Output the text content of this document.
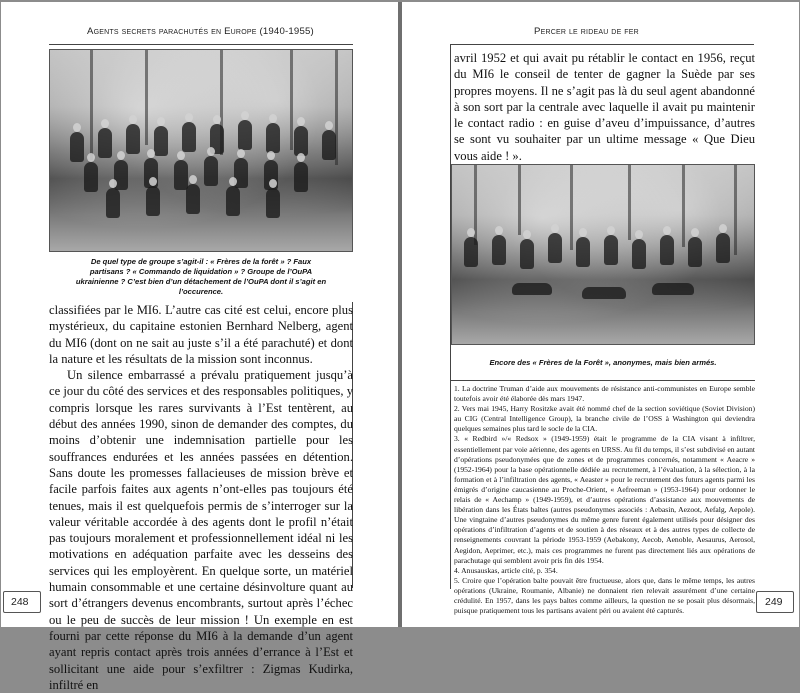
Agents secrets parachutés en Europe (1940-1955)
De quel type de groupe s’agit-il : « Frères de la forêt » ? Faux partisans ? « Commando de liquidation » ? Groupe de l’OuPA ukrainienne ? C’est bien d’un détachement de l’OuPA dont il s’agit en l’occurence.

classifiées par le MI6. L’autre cas cité est celui, encore plus mystérieux, du capitaine estonien Bernhard Nelberg, agent du MI6 (dont on ne sait au juste s’il a été parachuté) et dont la nature et les résultats de la mission sont inconnus.

Un silence embarrassé a prévalu pratiquement jusqu’à ce jour du côté des services et des responsables politiques, y compris lorsque les rares survivants à l’Est tentèrent, au début des années 1990, sinon de demander des comptes, du moins d’obtenir une indemnisation partielle pour les souffrances endurées et les années passées en détention. Sans doute les promesses fallacieuses de mission brève et facile parfois faites aux agents n’ont-elles pas toujours été tenues, mais il est quelquefois permis de s’interroger sur la valeur véritable accordée à des agents dont le profil n’était pas toujours moralement et professionnellement idéal ni les motivations en adéquation parfaite avec les desseins des services qui les employèrent. En quelque sorte, un matériel humain consommable et une certaine désinvolture quant au sort d’étrangers devenus encombrants, surtout après l’échec ou le peu de succès de leur mission ! Un exemple en est fourni par cette réponse du MI6 à la demande d’un agent ayant repris contact après trois années d’errance à l’Est et sollicitant une aide pour s’exfiltrer : Zigmas Kudirka, infiltré en

248
Percer le rideau de fer

avril 1952 et qui avait pu rétablir le contact en 1956, reçut du MI6 le conseil de tenter de gagner la Suède par ses propres moyens. Il ne s’agit pas là du seul agent abandonné à son sort par la centrale avec laquelle il avait pu maintenir le contact radio : en guise d’aveu d’impuissance, d’autres se sont vu souhaiter par un ultime message « Que Dieu vous aide ! ».

Encore des « Frères de la Forêt », anonymes, mais bien armés.
1. La doctrine Truman d’aide aux mouvements de résistance anti-communistes en Europe semble toutefois avoir été élaborée dès mars 1947.
2. Vers mai 1945, Harry Rositzke avait été nommé chef de la section soviétique (Soviet Division) au CIG (Central Intelligence Group), la branche civile de l’OSS à Washington qui deviendra quelques semaines plus tard le socle de la CIA.
3. « Redbird »/« Redsox » (1949-1959) était le programme de la CIA visant à infiltrer, essentiellement par voie aérienne, des agents en URSS. Au fil du temps, il s’est subdivisé en autant d’opérations pseudonymées que de zones et de programmes concernés, notamment « Aeacre » (1952-1964) pour la base opérationnelle dédiée au recrutement, à l’évaluation, à la sélection, à la formation et à l’infiltration des agents, « Aeaster » pour le recrutement des futurs agents parmi les émigrés d’origine caucasienne au Proche-Orient, « Aefreeman » (1953-1964) pour ordonner le relais de « Aechamp » (1949-1959), et d’autres opérations d’assistance aux mouvements de libération dans les États baltes (autres pseudonymes associés : Aebasin, Aezoot, Aefalg, Aepole). Une vingtaine d’autres pseudonymes du même genre furent également utilisés pour désigner des opérations d’infiltration d’agents et de soutien à des réseaux et à des autres types de collecte de renseignements couvrant la période 1953-1959 (Aebakony, Aecob, Aenoble, Aesaurus, Aerosol, Aegidon, Aeprimer, etc.), mais ces programmes ne furent pas directement liés aux opérations de parachutage qui semblent avoir pris fin dès 1954.
4. Anusauskas, article cité, p. 354.
5. Croire que l’opération balte pouvait être fructueuse, alors que, dans le même temps, les autres opérations (Ukraine, Roumanie, Albanie) ne donnaient rien relevait assurément d’une certaine crédulité. En 1957, dans les pays baltes comme ailleurs, la question ne se posait plus désormais, puisque pratiquement tous les partisans avaient péri ou avaient été capturés.
249
